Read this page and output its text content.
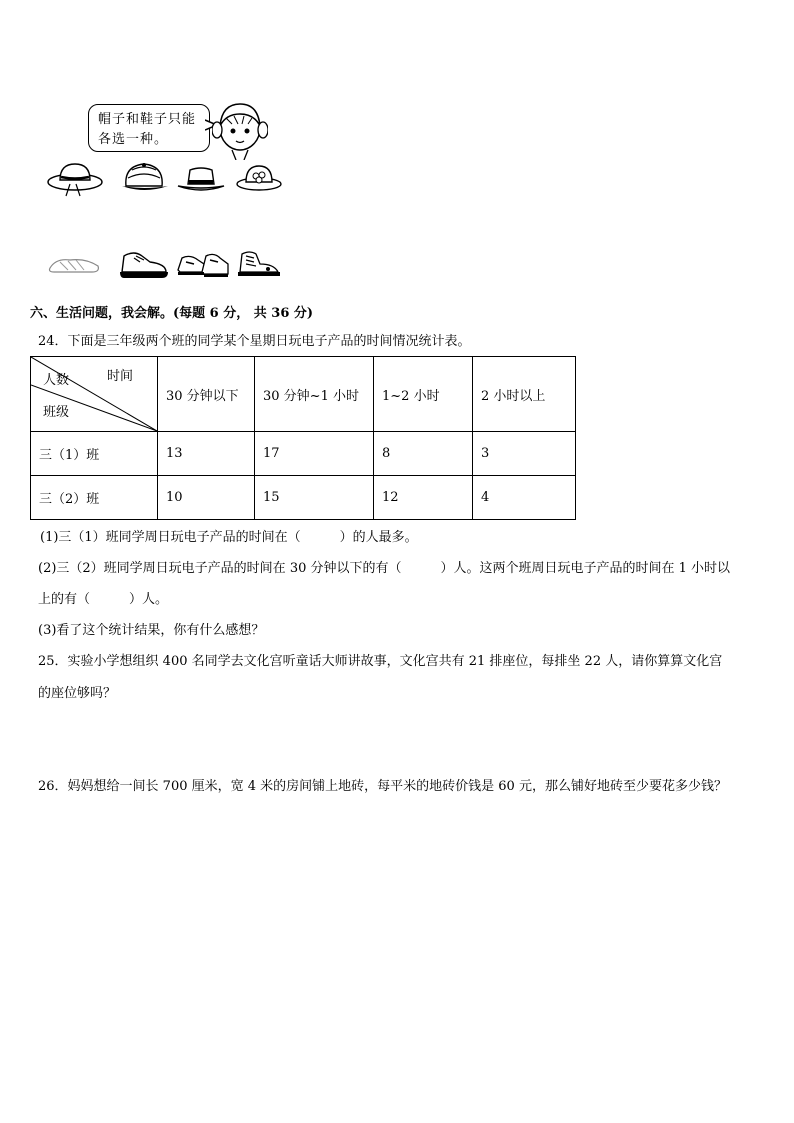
帽子和鞋子只能
各选一种。
六、生活问题，我会解。(每题 6 分， 共 36 分)
24．下面是三年级两个班的同学某个星期日玩电子产品的时间情况统计表。
人数 时间
班级	30 分钟以下	30 分钟~1 小时	1~2 小时	2 小时以上
三（1）班	13	17	8	3
三（2）班	10	15	12	4
(1)三（1）班同学周日玩电子产品的时间在（　　　）的人最多。
(2)三（2）班同学周日玩电子产品的时间在 30 分钟以下的有（　　　）人。这两个班周日玩电子产品的时间在 1 小时以
上的有（　　　）人。
(3)看了这个统计结果，你有什么感想？
25．实验小学想组织 400 名同学去文化宫听童话大师讲故事，文化宫共有 21 排座位，每排坐 22 人，请你算算文化宫
的座位够吗？
26．妈妈想给一间长 700 厘米，宽 4 米的房间铺上地砖，每平米的地砖价钱是 60 元，那么铺好地砖至少要花多少钱？
